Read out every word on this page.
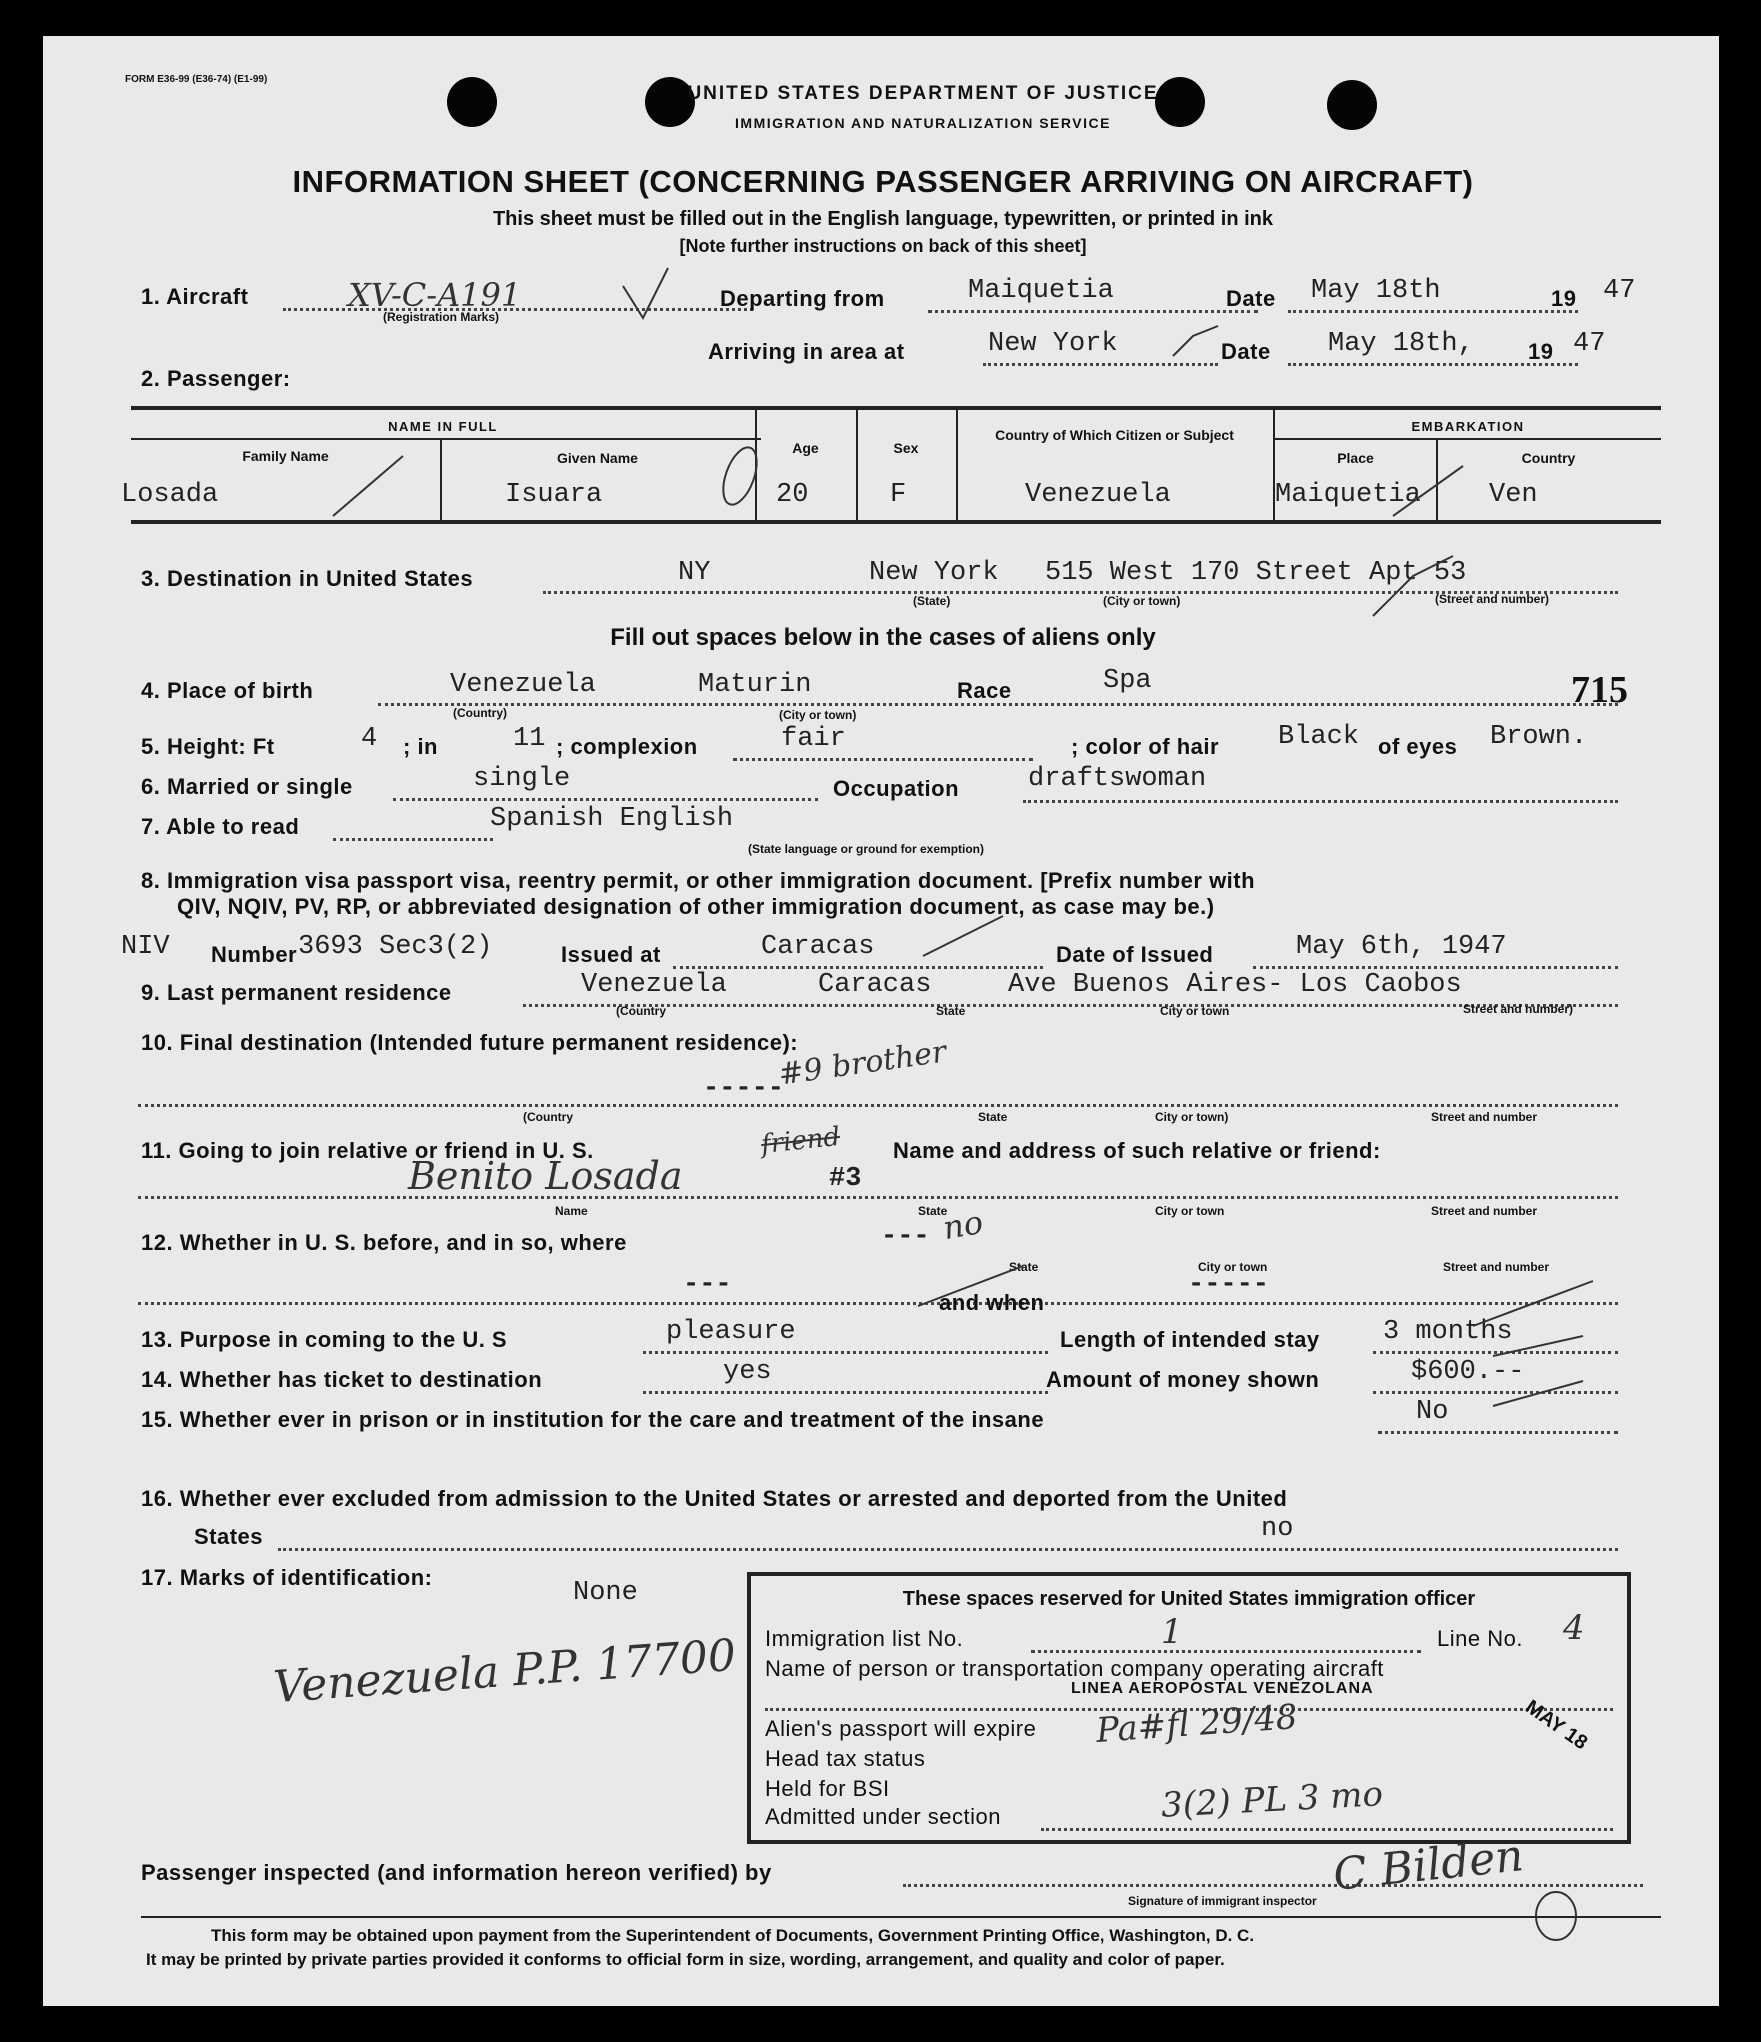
FORM E36-99 (E36-74) (E1-99)
UNITED STATES DEPARTMENT OF JUSTICE
IMMIGRATION AND NATURALIZATION SERVICE
INFORMATION SHEET (CONCERNING PASSENGER ARRIVING ON AIRCRAFT)
This sheet must be filled out in the English language, typewritten, or printed in ink
[Note further instructions on back of this sheet]
1. Aircraft	XV-C-A191
(Registration Marks)
Departing from	Maiquetia	Date May 18th	19 47
Arriving in area at	New York	Date May 18th, 19 47
2. Passenger:
NAME IN FULL
Family Name	Given Name
Age	Sex
Country of Which Citizen or Subject
EMBARKATION
Place	Country
Losada	Isuara	20	F	Venezuela	Maiquetia	Ven
3. Destination in United States	NY	New York 515 West 170 Street Apt 53
(State)	(City or town)	(Street and number)
Fill out spaces below in the cases of aliens only
4. Place of birth	Venezuela	Maturin
(Country)	(City or town)
Race	Spa	715
5. Height: Ft	4 ; in	11 ; complexion	fair	; color of hair Black of eyes Brown.
6. Married or single	single	Occupation	draftswoman
7. Able to read	Spanish English
(State language or ground for exemption)
8. Immigration visa passport visa, reentry permit, or other immigration document. [Prefix number with
QIV, NQIV, PV, RP, or abbreviated designation of other immigration document, as case may be.)
NIV Number 3693 Sec3(2)	Issued at	Caracas	Date of Issued	May 6th, 1947
9. Last permanent residence	Venezuela	Caracas	Ave Buenos Aires- Los Caobos
(Country	State	City or town	Street and number)
10. Final destination (Intended future permanent residence):
-----
#9 brother
(Country	State	City or town)	Street and number
11. Going to join relative or friend in U. S.	friend Name and address of such relative or friend:
Benito Losada	#3
Name	State	City or town	Street and number
12. Whether in U. S. before, and in so, where	--- no
State	City or town	Street and number
---
and when
-----
13. Purpose in coming to the U. S	pleasure	Length of intended stay 3 months
14. Whether has ticket to destination	yes	Amount of money shown	$600.--
15. Whether ever in prison or in institution for the care and treatment of the insane	No
16. Whether ever excluded from admission to the United States or arrested and deported from the United
States	no
17. Marks of identification:
None
Venezuela P.P. 17700
These spaces reserved for United States immigration officer
Immigration list No.	1	Line No. 4
Name of person or transportation company operating aircraft
LINEA AEROPOSTAL VENEZOLANA
Alien's passport will expire Pa#fl 29/48	MAY 18
Head tax status
Held for BSI
Admitted under section	3(2) PL 3 mo
Passenger inspected (and information hereon verified) by	C Bilden
Signature of immigrant inspector
This form may be obtained upon payment from the Superintendent of Documents, Government Printing Office, Washington, D. C.
It may be printed by private parties provided it conforms to official form in size, wording, arrangement, and quality and color of paper.
